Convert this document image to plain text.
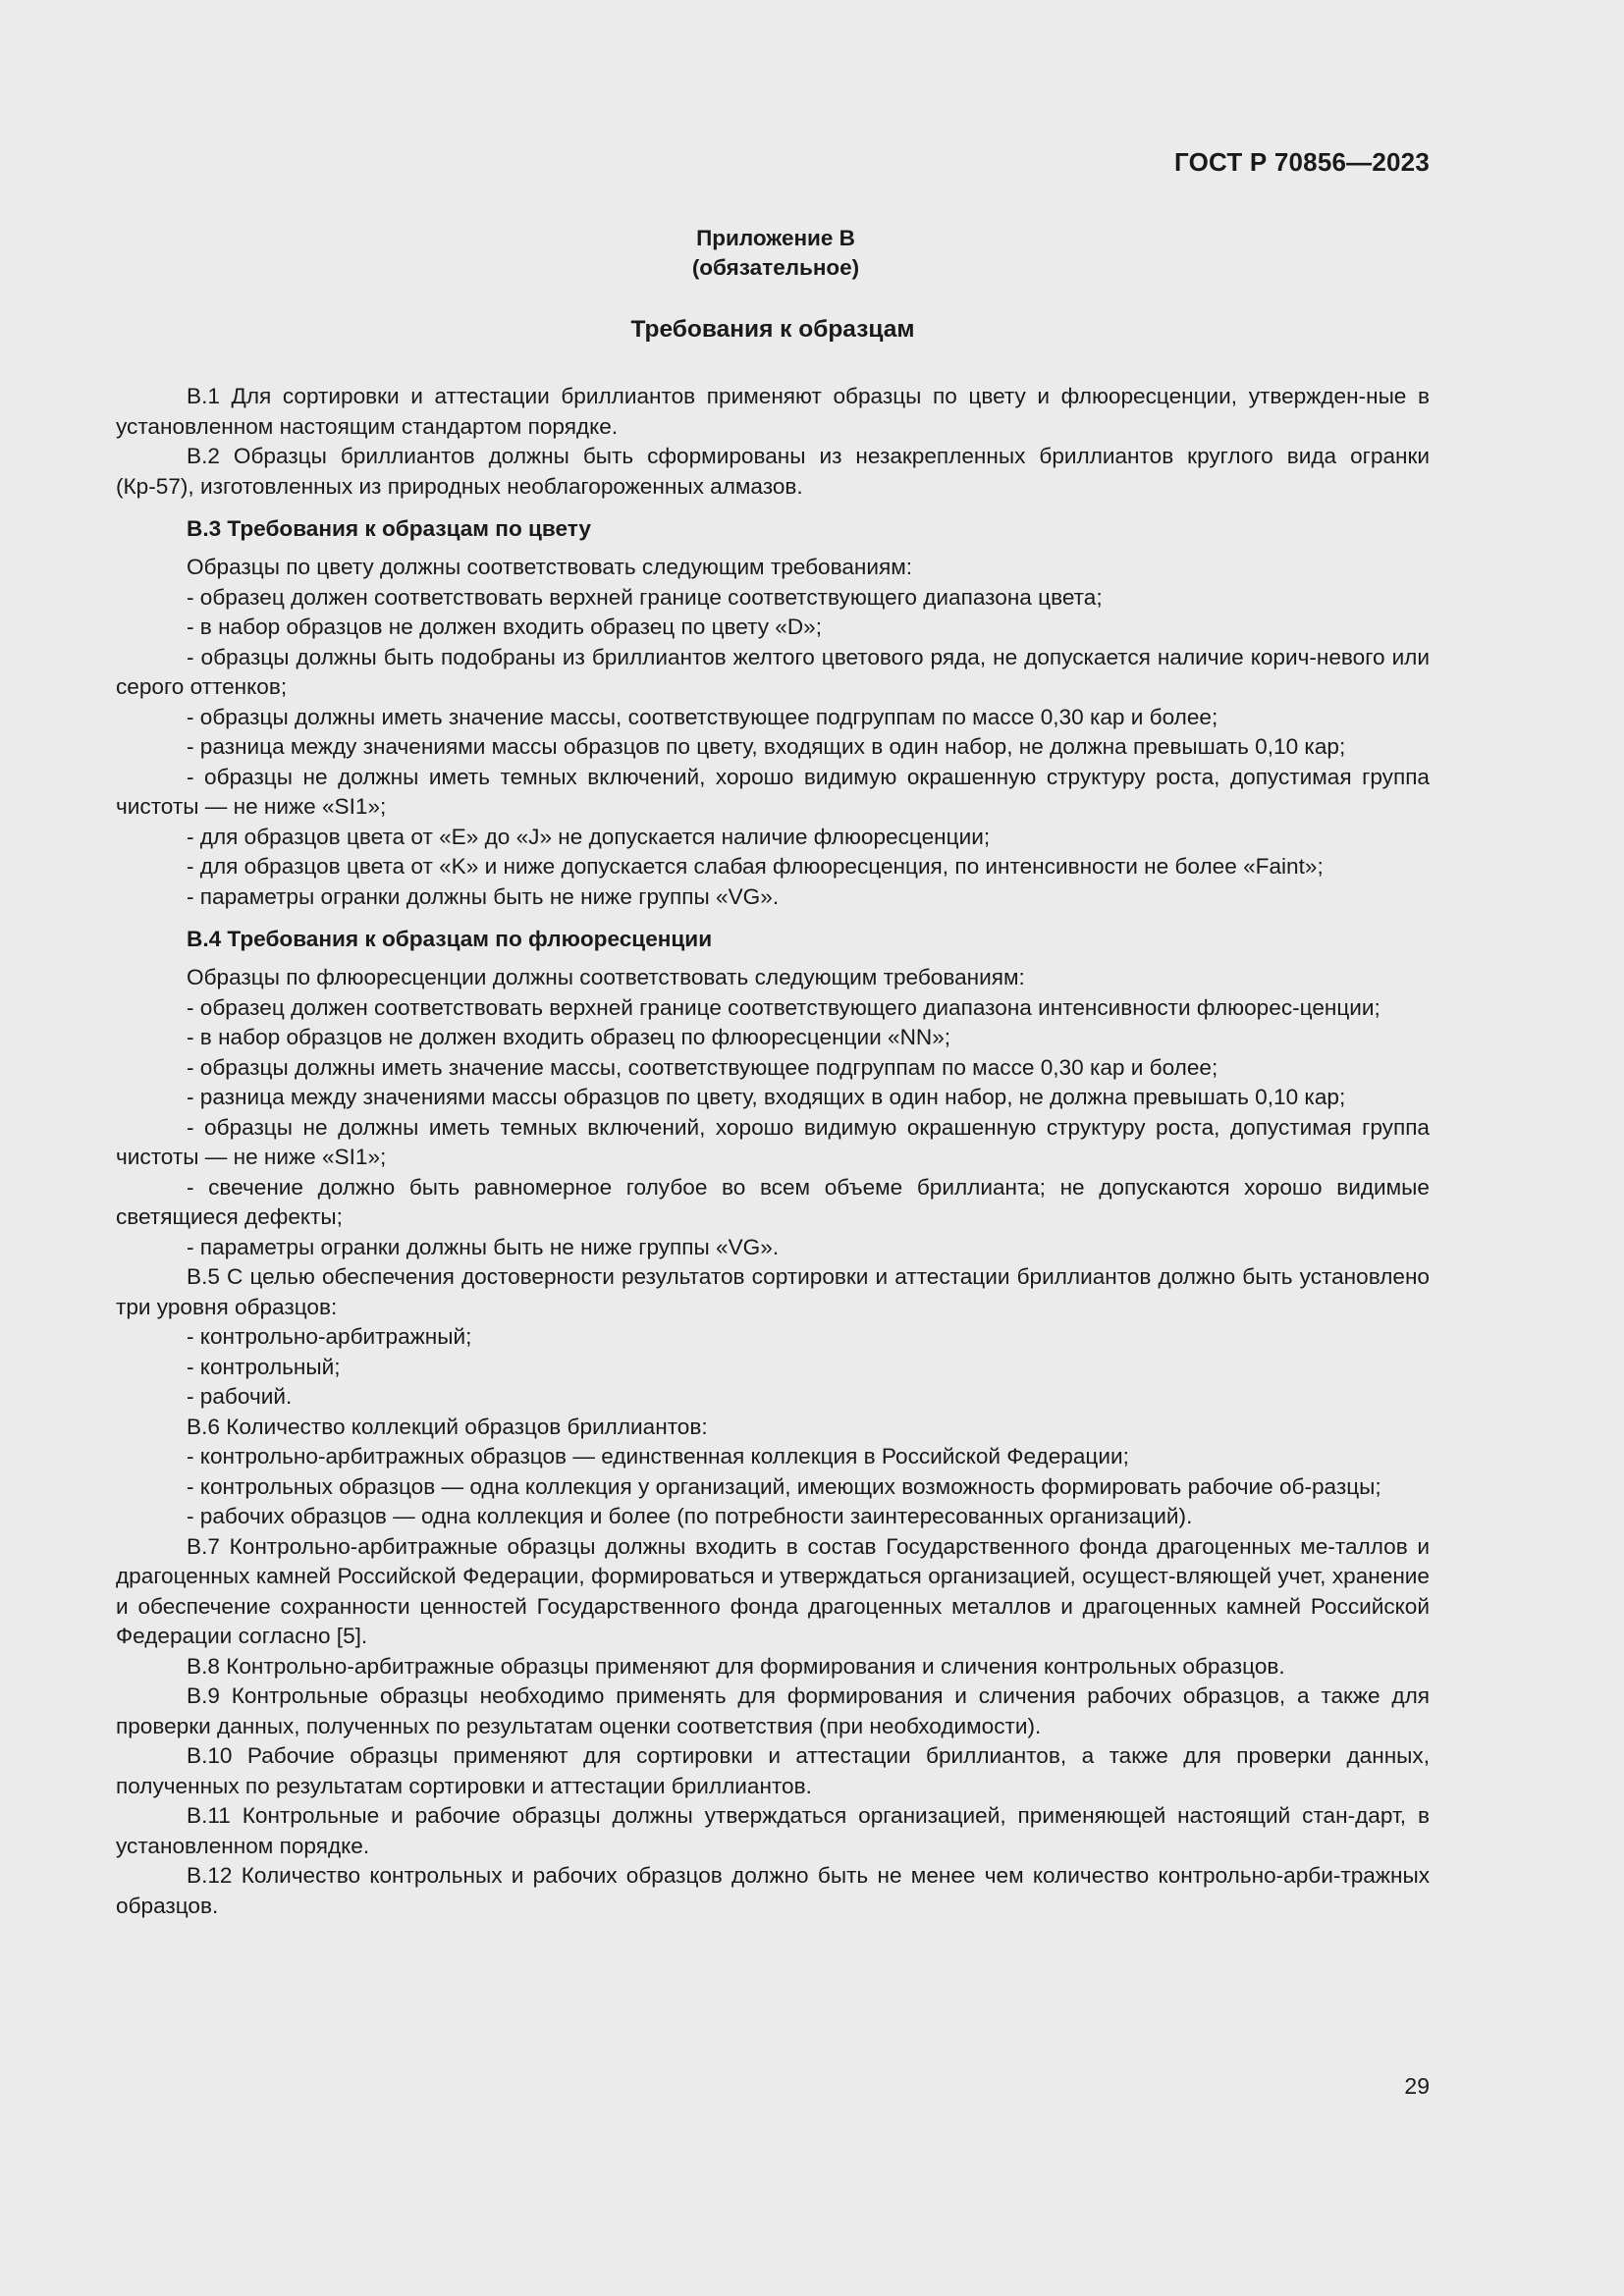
ГОСТ Р 70856—2023
Приложение В
(обязательное)
Требования к образцам

В.1 Для сортировки и аттестации бриллиантов применяют образцы по цвету и флюоресценции, утвержден-ные в установленном настоящим стандартом порядке.

В.2 Образцы бриллиантов должны быть сформированы из незакрепленных бриллиантов круглого вида огранки (Кр-57), изготовленных из природных необлагороженных алмазов.

В.3 Требования к образцам по цвету

Образцы по цвету должны соответствовать следующим требованиям:

- образец должен соответствовать верхней границе соответствующего диапазона цвета;

- в набор образцов не должен входить образец по цвету «D»;

- образцы должны быть подобраны из бриллиантов желтого цветового ряда, не допускается наличие корич-невого или серого оттенков;

- образцы должны иметь значение массы, соответствующее подгруппам по массе 0,30 кар и более;

- разница между значениями массы образцов по цвету, входящих в один набор, не должна превышать 0,10 кар;

- образцы не должны иметь темных включений, хорошо видимую окрашенную структуру роста, допустимая группа чистоты — не ниже «SI1»;

- для образцов цвета от «Е» до «J» не допускается наличие флюоресценции;

- для образцов цвета от «K» и ниже допускается слабая флюоресценция, по интенсивности не более «Faint»;

- параметры огранки должны быть не ниже группы «VG».

В.4 Требования к образцам по флюоресценции

Образцы по флюоресценции должны соответствовать следующим требованиям:

- образец должен соответствовать верхней границе соответствующего диапазона интенсивности флюорес-ценции;

- в набор образцов не должен входить образец по флюоресценции «NN»;

- образцы должны иметь значение массы, соответствующее подгруппам по массе 0,30 кар и более;

- разница между значениями массы образцов по цвету, входящих в один набор, не должна превышать 0,10 кар;

- образцы не должны иметь темных включений, хорошо видимую окрашенную структуру роста, допустимая группа чистоты — не ниже «SI1»;

- свечение должно быть равномерное голубое во всем объеме бриллианта; не допускаются хорошо видимые светящиеся дефекты;

- параметры огранки должны быть не ниже группы «VG».

В.5 С целью обеспечения достоверности результатов сортировки и аттестации бриллиантов должно быть установлено три уровня образцов:

- контрольно-арбитражный;

- контрольный;

- рабочий.

В.6 Количество коллекций образцов бриллиантов:

- контрольно-арбитражных образцов — единственная коллекция в Российской Федерации;

- контрольных образцов — одна коллекция у организаций, имеющих возможность формировать рабочие об-разцы;

- рабочих образцов — одна коллекция и более (по потребности заинтересованных организаций).

В.7 Контрольно-арбитражные образцы должны входить в состав Государственного фонда драгоценных ме-таллов и драгоценных камней Российской Федерации, формироваться и утверждаться организацией, осущест-вляющей учет, хранение и обеспечение сохранности ценностей Государственного фонда драгоценных металлов и драгоценных камней Российской Федерации согласно [5].

В.8 Контрольно-арбитражные образцы применяют для формирования и сличения контрольных образцов.

В.9 Контрольные образцы необходимо применять для формирования и сличения рабочих образцов, а также для проверки данных, полученных по результатам оценки соответствия (при необходимости).

В.10 Рабочие образцы применяют для сортировки и аттестации бриллиантов, а также для проверки данных, полученных по результатам сортировки и аттестации бриллиантов.

В.11 Контрольные и рабочие образцы должны утверждаться организацией, применяющей настоящий стан-дарт, в установленном порядке.

В.12 Количество контрольных и рабочих образцов должно быть не менее чем количество контрольно-арби-тражных образцов.

29
